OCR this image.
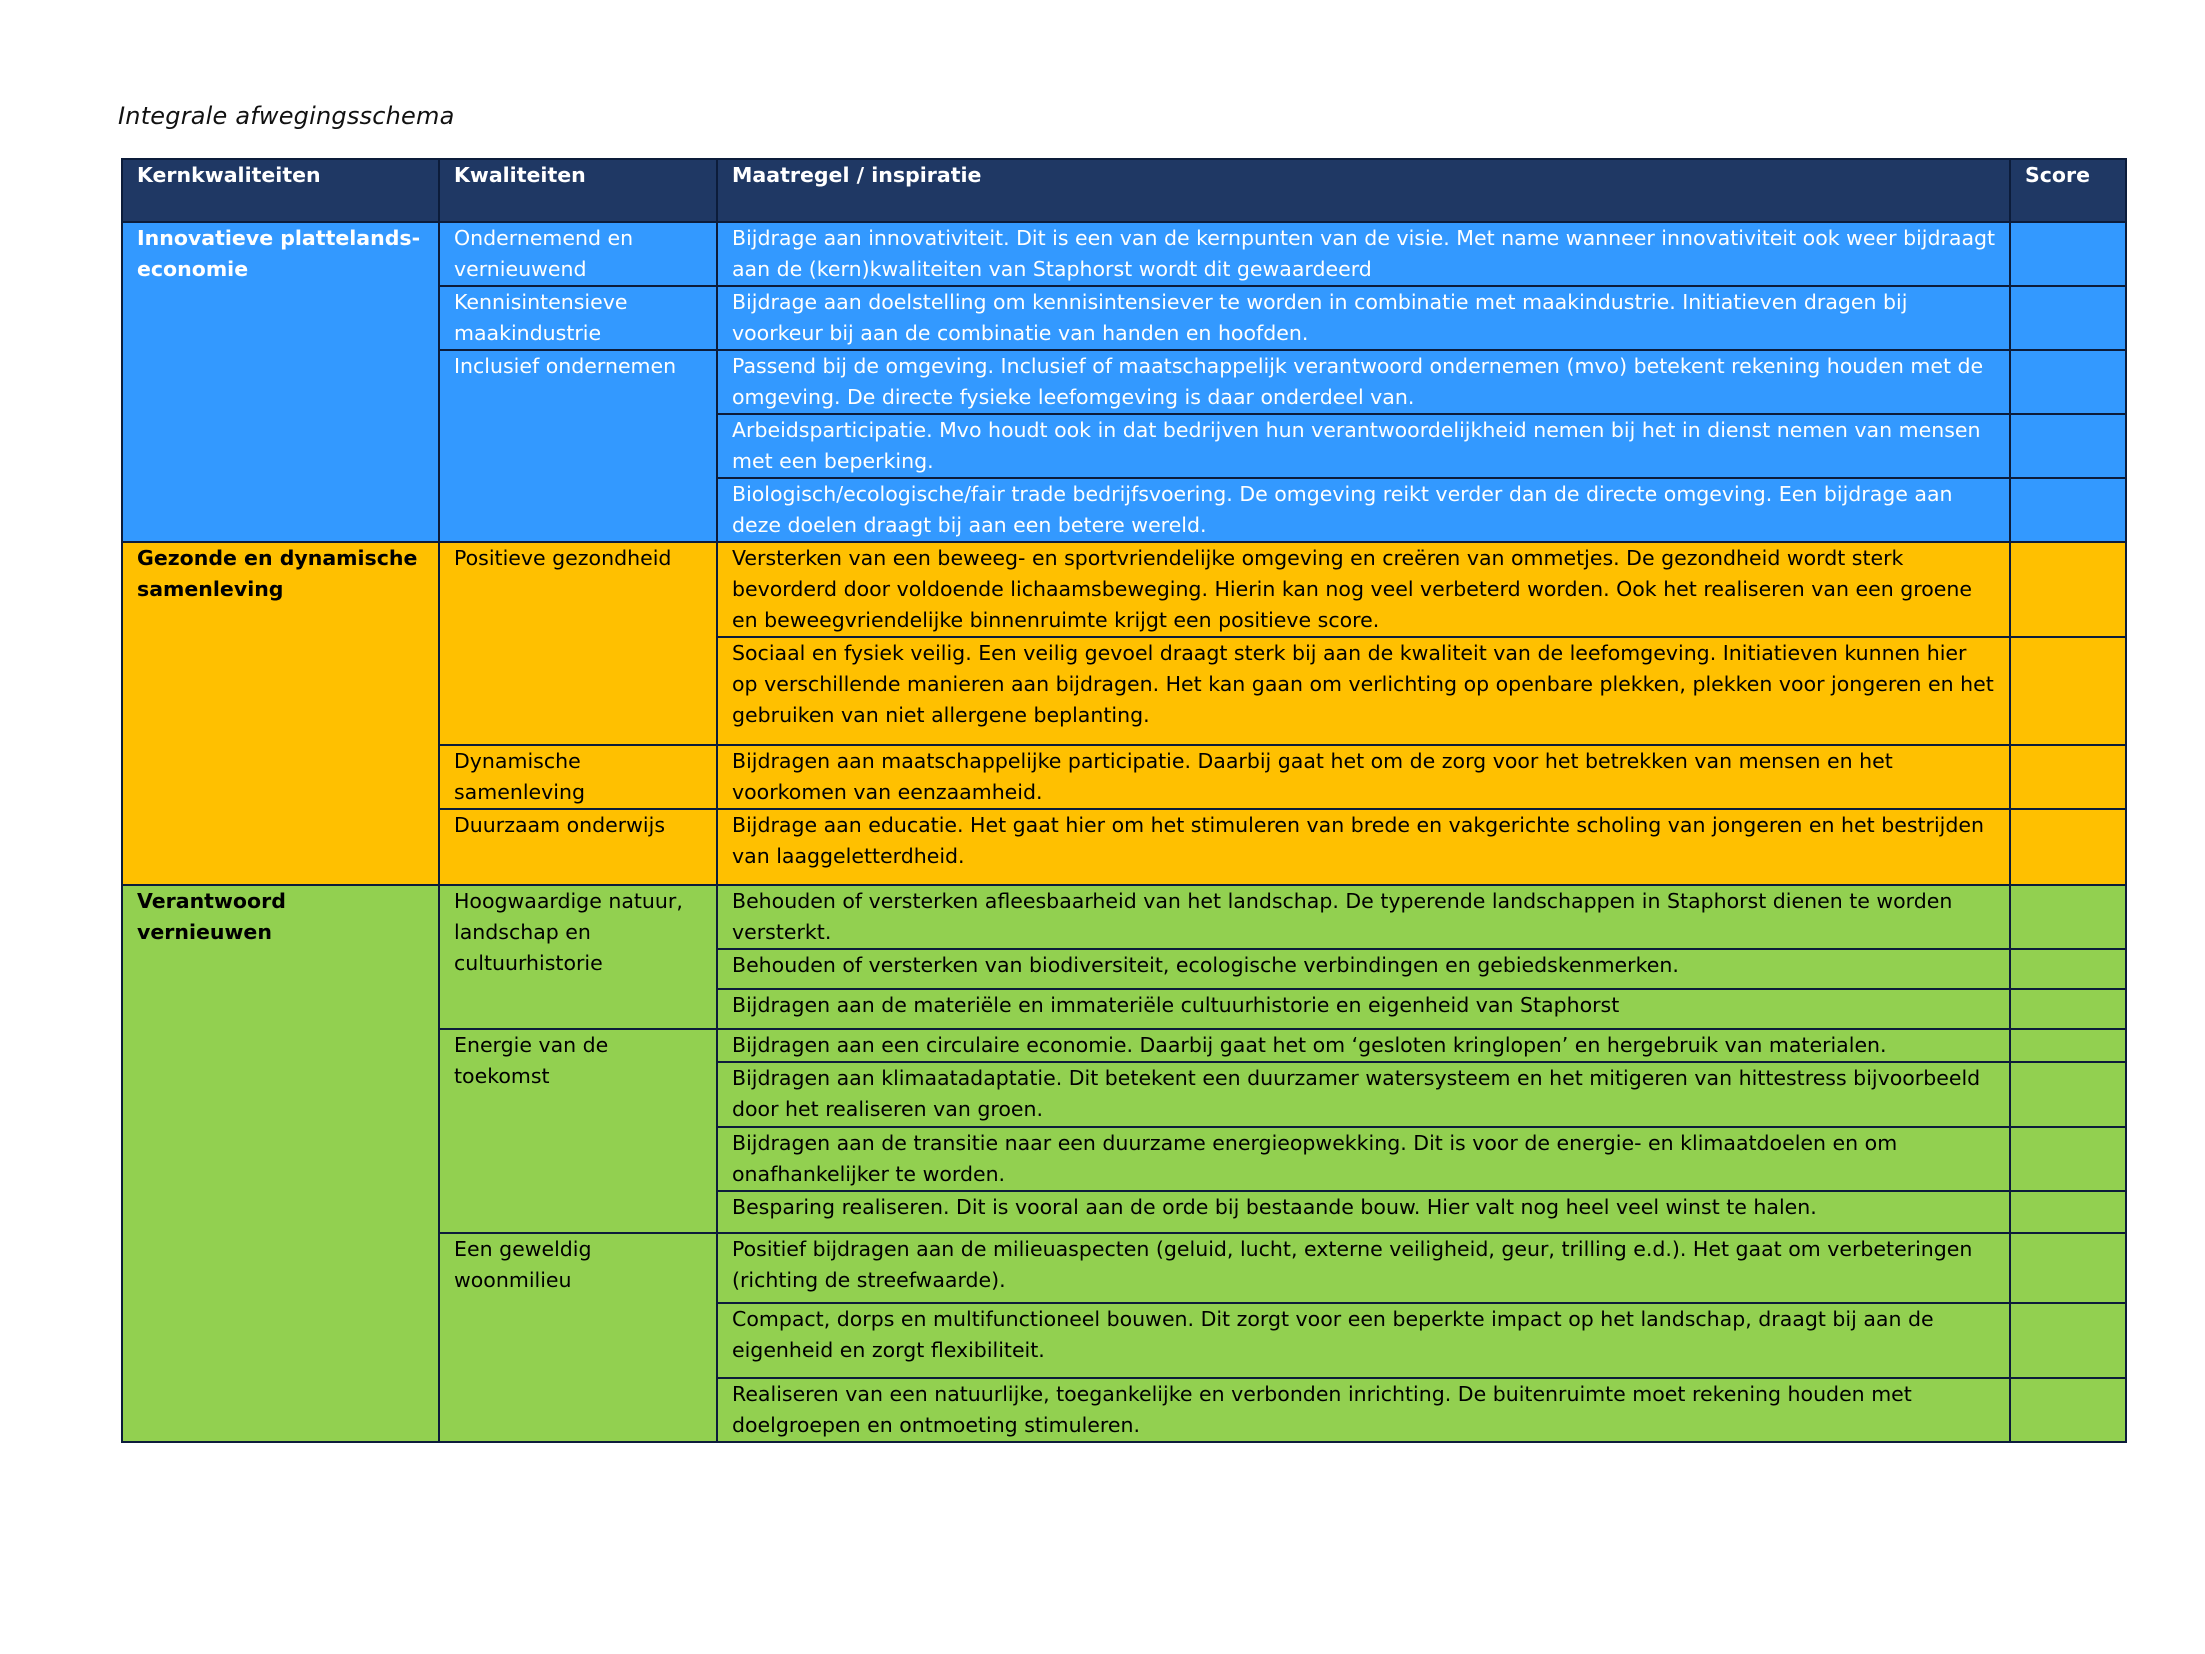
Integrale afwegingsschema
Kernkwaliteiten	Kwaliteiten	Maatregel / inspiratie	Score
Innovatieve plattelands-economie	Ondernemend en vernieuwend	Bijdrage aan innovativiteit. Dit is een van de kernpunten van de visie. Met name wanneer innovativiteit ook weer bijdraagt aan de (kern)kwaliteiten van Staphorst wordt dit gewaardeerd	
	Kennisintensieve maakindustrie	Bijdrage aan doelstelling om kennisintensiever te worden in combinatie met maakindustrie. Initiatieven dragen bij voorkeur bij aan de combinatie van handen en hoofden.	
	Inclusief ondernemen	Passend bij de omgeving. Inclusief of maatschappelijk verantwoord ondernemen (mvo) betekent rekening houden met de omgeving. De directe fysieke leefomgeving is daar onderdeel van.	
		Arbeidsparticipatie. Mvo houdt ook in dat bedrijven hun verantwoordelijkheid nemen bij het in dienst nemen van mensen met een beperking.	
		Biologisch/ecologische/fair trade bedrijfsvoering. De omgeving reikt verder dan de directe omgeving. Een bijdrage aan deze doelen draagt bij aan een betere wereld.	
Gezonde en dynamische samenleving	Positieve gezondheid	Versterken van een beweeg- en sportvriendelijke omgeving en creëren van ommetjes. De gezondheid wordt sterk bevorderd door voldoende lichaamsbeweging. Hierin kan nog veel verbeterd worden. Ook het realiseren van een groene en beweegvriendelijke binnenruimte krijgt een positieve score.	
		Sociaal en fysiek veilig. Een veilig gevoel draagt sterk bij aan de kwaliteit van de leefomgeving. Initiatieven kunnen hier op verschillende manieren aan bijdragen. Het kan gaan om verlichting op openbare plekken, plekken voor jongeren en het gebruiken van niet allergene beplanting.	
	Dynamische samenleving	Bijdragen aan maatschappelijke participatie. Daarbij gaat het om de zorg voor het betrekken van mensen en het voorkomen van eenzaamheid.	
	Duurzaam onderwijs	Bijdrage aan educatie. Het gaat hier om het stimuleren van brede en vakgerichte scholing van jongeren en het bestrijden van laaggeletterdheid.	
Verantwoord vernieuwen	Hoogwaardige natuur, landschap en cultuurhistorie	Behouden of versterken afleesbaarheid van het landschap. De typerende landschappen in Staphorst dienen te worden versterkt.	
		Behouden of versterken van biodiversiteit, ecologische verbindingen en gebiedskenmerken.	
		Bijdragen aan de materiële en immateriële cultuurhistorie en eigenheid van Staphorst	
	Energie van de toekomst	Bijdragen aan een circulaire economie. Daarbij gaat het om ‘gesloten kringlopen’ en hergebruik van materialen.	
		Bijdragen aan klimaatadaptatie. Dit betekent een duurzamer watersysteem en het mitigeren van hittestress bijvoorbeeld door het realiseren van groen.	
		Bijdragen aan de transitie naar een duurzame energieopwekking. Dit is voor de energie- en klimaatdoelen en om onafhankelijker te worden.	
		Besparing realiseren. Dit is vooral aan de orde bij bestaande bouw. Hier valt nog heel veel winst te halen.	
	Een geweldig woonmilieu	Positief bijdragen aan de milieuaspecten (geluid, lucht, externe veiligheid, geur, trilling e.d.). Het gaat om verbeteringen (richting de streefwaarde).	
		Compact, dorps en multifunctioneel bouwen. Dit zorgt voor een beperkte impact op het landschap, draagt bij aan de eigenheid en zorgt flexibiliteit.	
		Realiseren van een natuurlijke, toegankelijke en verbonden inrichting. De buitenruimte moet rekening houden met doelgroepen en ontmoeting stimuleren.	
